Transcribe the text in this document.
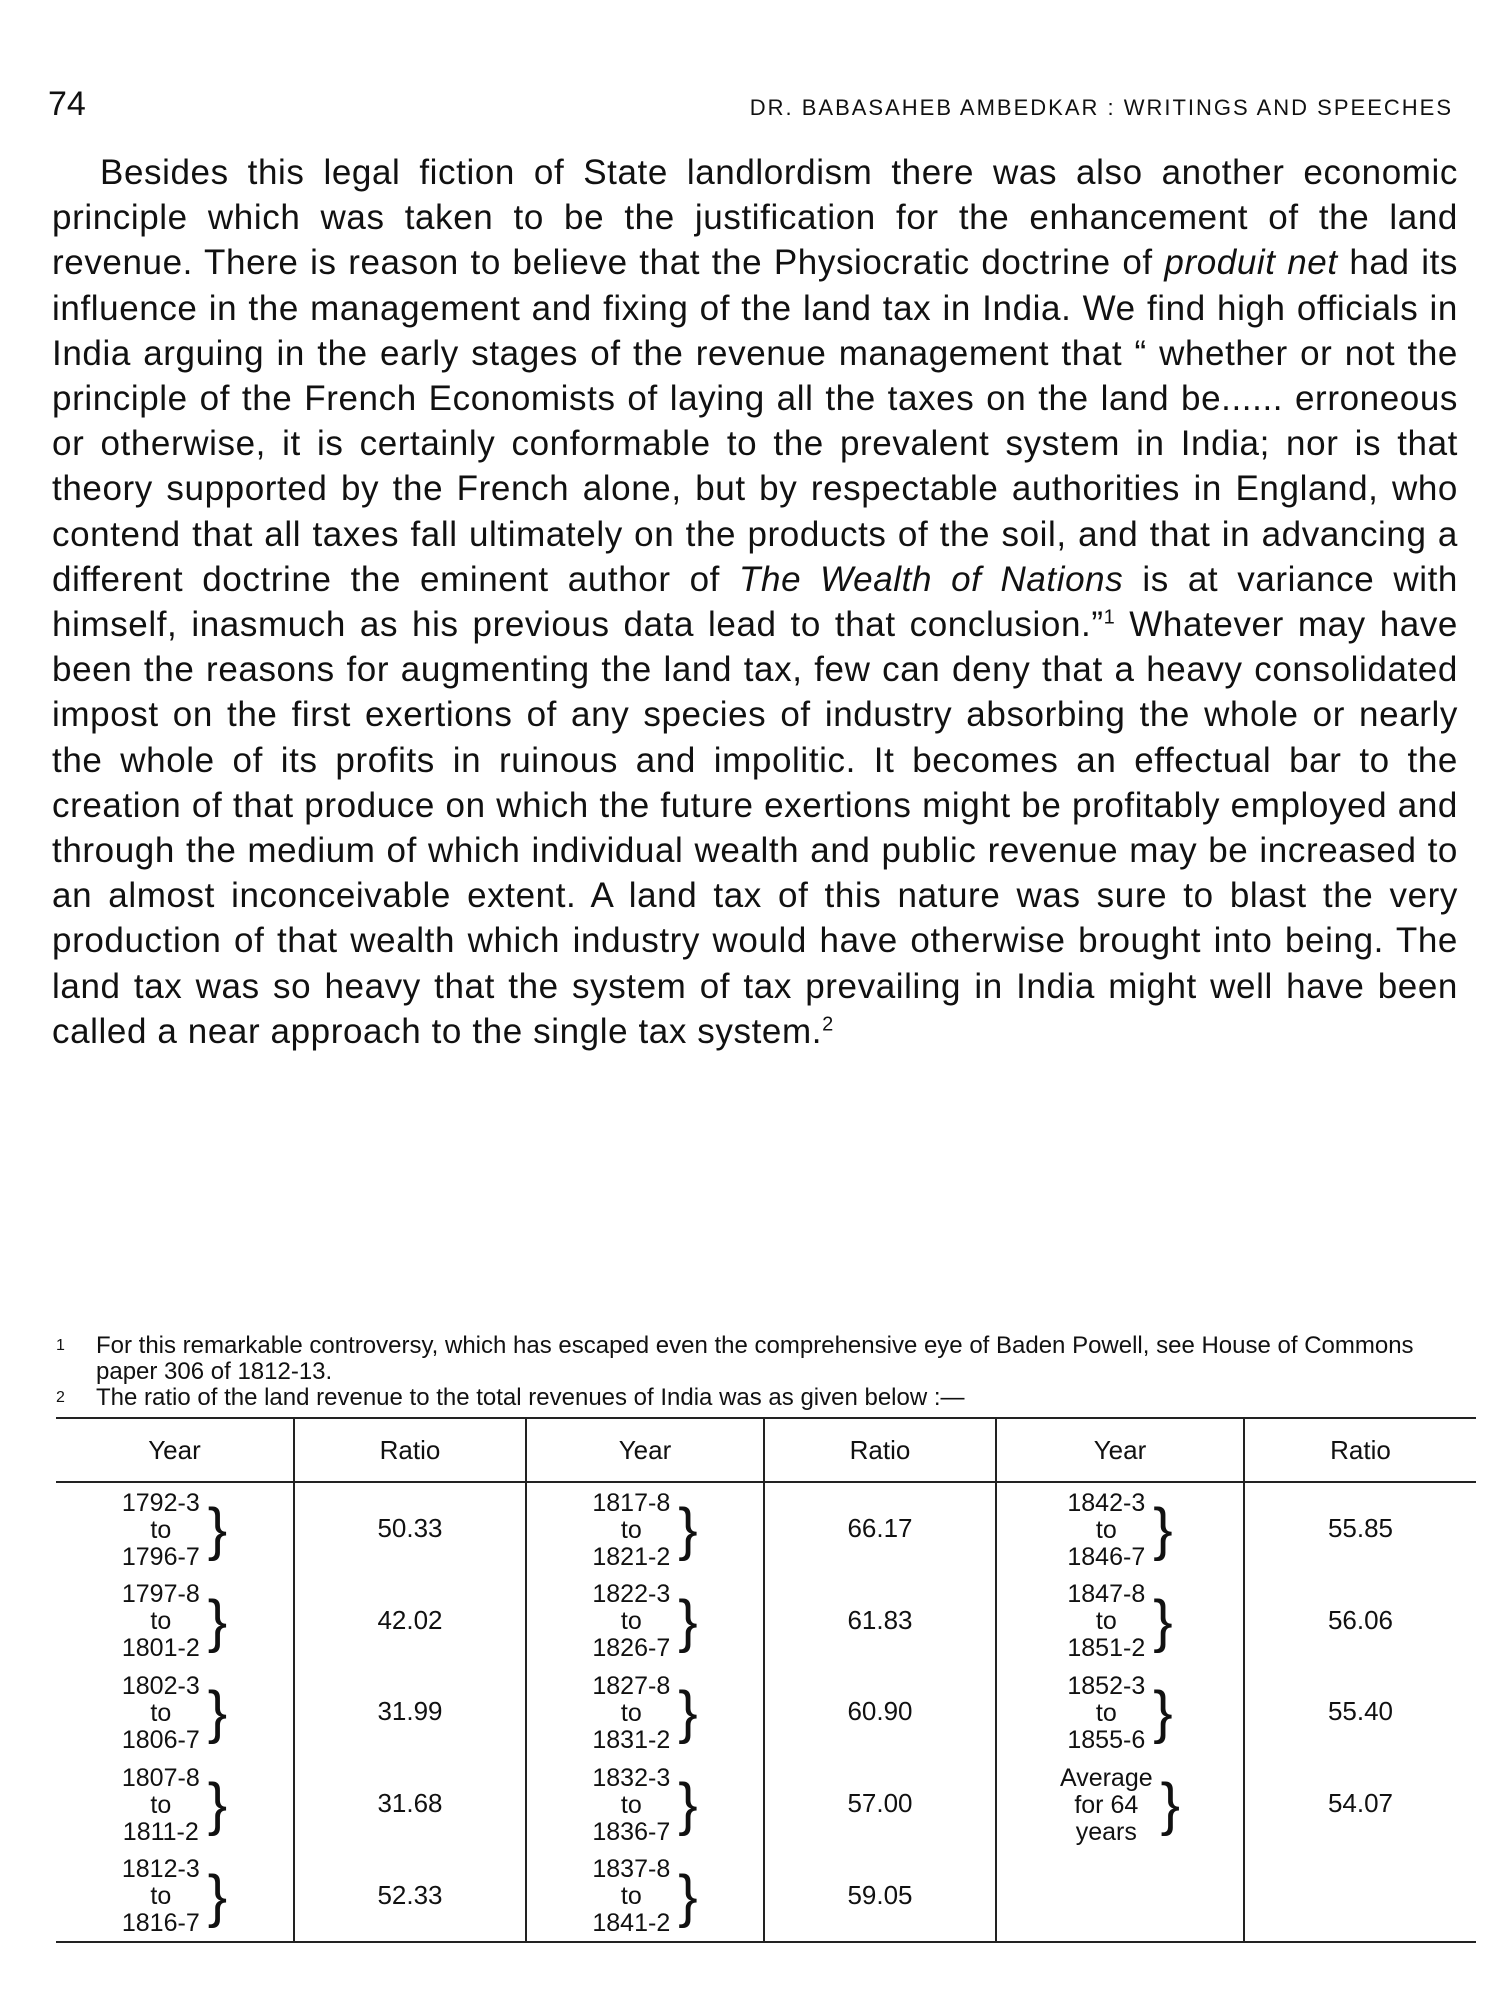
74	DR. BABASAHEB AMBEDKAR : WRITINGS AND SPEECHES

Besides this legal fiction of State landlordism there was also another economic principle which was taken to be the justification for the enhancement of the land revenue. There is reason to believe that the Physiocratic doctrine of produit net had its influence in the management and fixing of the land tax in India. We find high officials in India arguing in the early stages of the revenue management that “ whether or not the principle of the French Economists of laying all the taxes on the land be...... erroneous or otherwise, it is certainly conformable to the prevalent system in India; nor is that theory supported by the French alone, but by respectable authorities in England, who contend that all taxes fall ultimately on the products of the soil, and that in advancing a different doctrine the eminent author of The Wealth of Nations is at variance with himself, inasmuch as his previous data lead to that conclusion.”$^1$ Whatever may have been the reasons for augmenting the land tax, few can deny that a heavy consolidated impost on the first exertions of any species of industry absorbing the whole or nearly the whole of its profits in ruinous and impolitic. It becomes an effectual bar to the creation of that produce on which the future exertions might be profitably employed and through the medium of which individual wealth and public revenue may be increased to an almost inconceivable extent. A land tax of this nature was sure to blast the very production of that wealth which industry would have otherwise brought into being. The land tax was so heavy that the system of tax prevailing in India might well have been called a near approach to the single tax system.$^2$

1 For this remarkable controversy, which has escaped even the comprehensive eye of Baden Powell, see House of Commons paper 306 of 1812-13.

2 The ratio of the land revenue to the total revenues of India was as given below :—

Year	Ratio	Year	Ratio	Year	Ratio

1792-3
to
1796-7 }	50.33	1817-8
to
1821-2 }	66.17	1842-3
to
1846-7 }	55.85

1797-8
to
1801-2 }	42.02	1822-3
to
1826-7 }	61.83	1847-8
to
1851-2 }	56.06

1802-3
to
1806-7 }	31.99	1827-8
to
1831-2 }	60.90	1852-3
to
1855-6 }	55.40

1807-8
to
1811-2 }	31.68	1832-3
to
1836-7 }	57.00	Average
for 64
years }	54.07

1812-3
to
1816-7 }	52.33	1837-8
to
1841-2 }	59.05		
